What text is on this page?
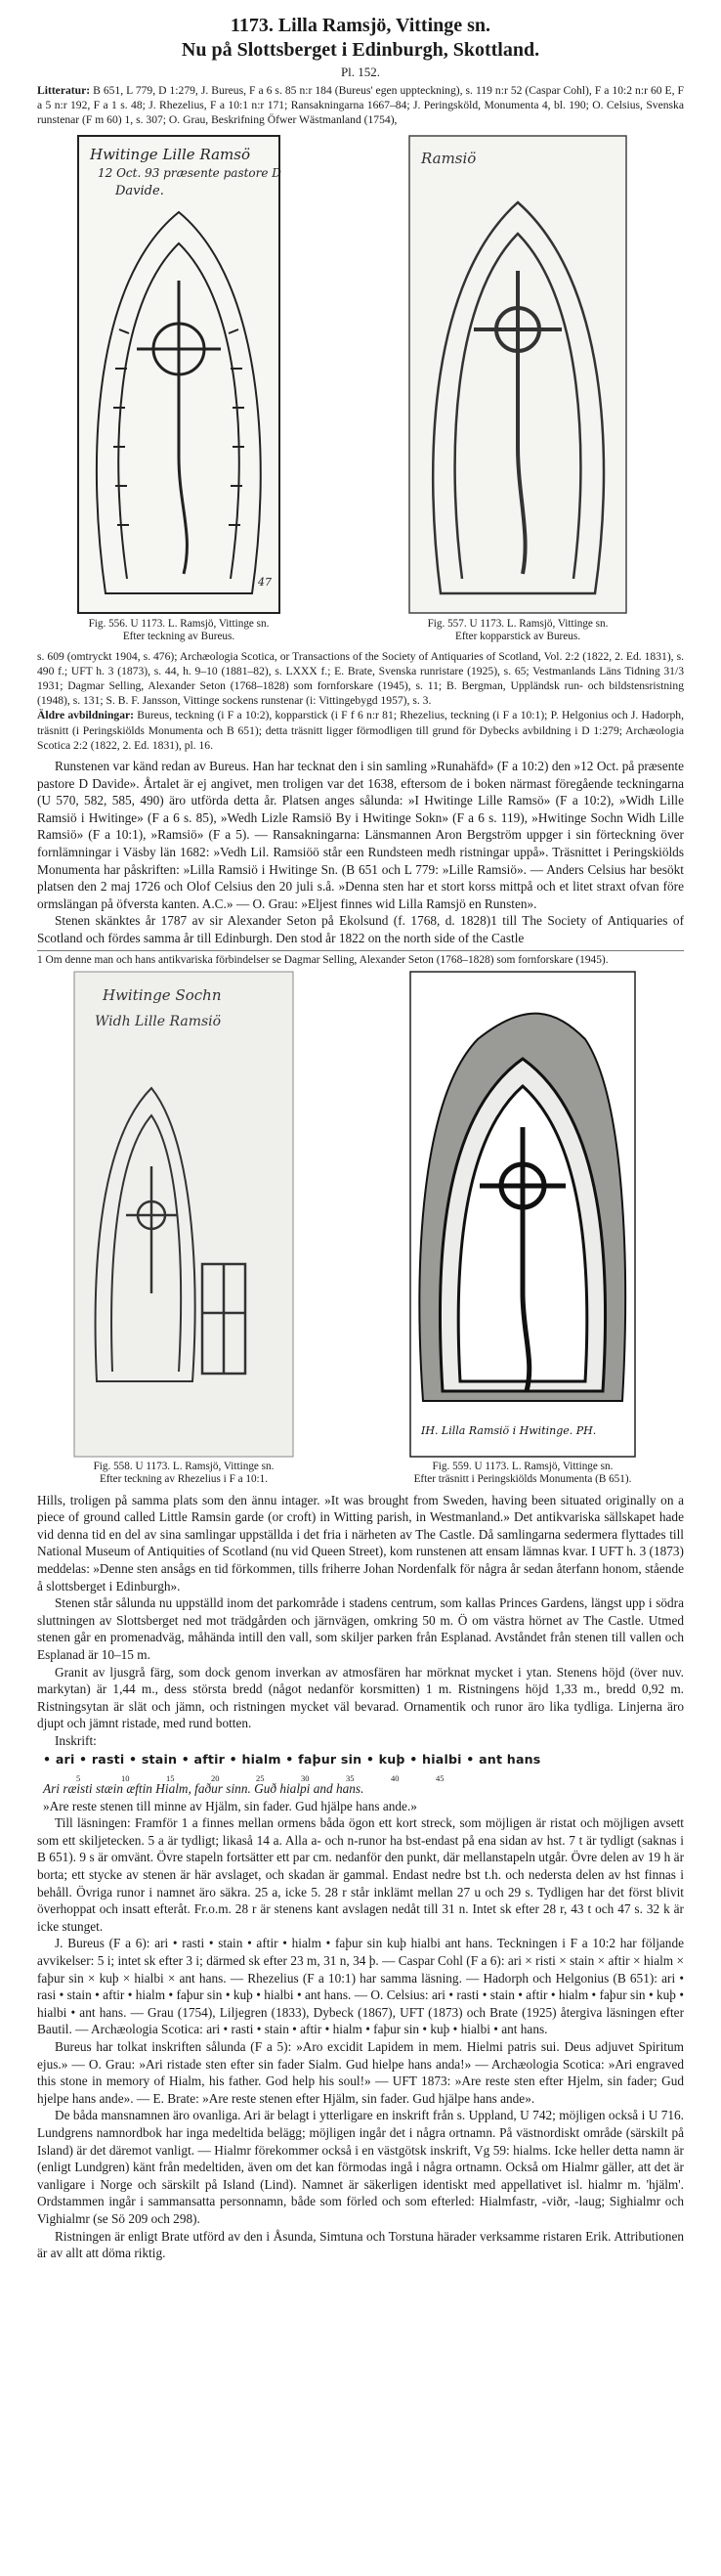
1173. Lilla Ramsjö, Vittinge sn.
Nu på Slottsberget i Edinburgh, Skottland.
Pl. 152.

Litteratur: B 651, L 779, D 1:279, J. Bureus, F a 6 s. 85 n:r 184 (Bureus' egen uppteckning), s. 119 n:r 52 (Caspar Cohl), F a 10:2 n:r 60 E, F a 5 n:r 192, F a 1 s. 48; J. Rhezelius, F a 10:1 n:r 171; Ransakningarna 1667–84; J. Peringsköld, Monumenta 4, bl. 190; O. Celsius, Svenska runstenar (F m 60) 1, s. 307; O. Grau, Beskrifning Öfwer Wästmanland (1754),

Hwitinge Lille Ramsö
12 Oct. 93 præsente pastore D
Davide.
47
Fig. 556. U 1173. L. Ramsjö, Vittinge sn.
Efter teckning av Bureus.
Ramsiö
Fig. 557. U 1173. L. Ramsjö, Vittinge sn.
Efter kopparstick av Bureus.

s. 609 (omtryckt 1904, s. 476); Archæologia Scotica, or Transactions of the Society of Antiquaries of Scotland, Vol. 2:2 (1822, 2. Ed. 1831), s. 490 f.; UFT h. 3 (1873), s. 44, h. 9–10 (1881–82), s. LXXX f.; E. Brate, Svenska runristare (1925), s. 65; Vestmanlands Läns Tidning 31/3 1931; Dagmar Selling, Alexander Seton (1768–1828) som fornforskare (1945), s. 11; B. Bergman, Uppländsk run- och bildstensristning (1948), s. 131; S. B. F. Jansson, Vittinge sockens runstenar (i: Vittingebygd 1957), s. 3.

Äldre avbildningar: Bureus, teckning (i F a 10:2), kopparstick (i F f 6 n:r 81; Rhezelius, teckning (i F a 10:1); P. Helgonius och J. Hadorph, träsnitt (i Peringskiölds Monumenta och B 651); detta träsnitt ligger förmodligen till grund för Dybecks avbildning i D 1:279; Archæologia Scotica 2:2 (1822, 2. Ed. 1831), pl. 16.

Runstenen var känd redan av Bureus. Han har tecknat den i sin samling »Runahäfd» (F a 10:2) den »12 Oct. på præsente pastore D Davide». Årtalet är ej angivet, men troligen var det 1638, eftersom de i boken närmast föregående teckningarna (U 570, 582, 585, 490) äro utförda detta år. Platsen anges sålunda: »I Hwitinge Lille Ramsö» (F a 10:2), »Widh Lille Ramsiö i Hwitinge» (F a 6 s. 85), »Wedh Lizle Ramsiö By i Hwitinge Sokn» (F a 6 s. 119), »Hwitinge Sochn Widh Lille Ramsiö» (F a 10:1), »Ramsiö» (F a 5). — Ransakningarna: Länsmannen Aron Bergström uppger i sin förteckning över fornlämningar i Väsby län 1682: »Vedh Lil. Ramsiöö står een Rundsteen medh ristningar uppå». Träsnittet i Peringskiölds Monumenta har påskriften: »Lilla Ramsiö i Hwitinge Sn. (B 651 och L 779: »Lille Ramsiö». — Anders Celsius har besökt platsen den 2 maj 1726 och Olof Celsius den 20 juli s.å. »Denna sten har et stort korss mittpå och et litet straxt ofvan före ormslängan på öfversta kanten. A.C.» — O. Grau: »Eljest finnes wid Lilla Ramsjö en Runsten».

Stenen skänktes år 1787 av sir Alexander Seton på Ekolsund (f. 1768, d. 1828)1 till The Society of Antiquaries of Scotland och fördes samma år till Edinburgh. Den stod år 1822 on the north side of the Castle

1 Om denne man och hans antikvariska förbindelser se Dagmar Selling, Alexander Seton (1768–1828) som fornforskare (1945).
Hwitinge Sochn
Widh Lille Ramsiö
Fig. 558. U 1173. L. Ramsjö, Vittinge sn.
Efter teckning av Rhezelius i F a 10:1.
IH. Lilla Ramsiö i Hwitinge. PH.
Fig. 559. U 1173. L. Ramsjö, Vittinge sn.
Efter träsnitt i Peringskiölds Monumenta (B 651).

Hills, troligen på samma plats som den ännu intager. »It was brought from Sweden, having been situated originally on a piece of ground called Little Ramsin garde (or croft) in Witting parish, in Westmanland.» Det antikvariska sällskapet hade vid denna tid en del av sina samlingar uppställda i det fria i närheten av The Castle. Då samlingarna sedermera flyttades till National Museum of Antiquities of Scotland (nu vid Queen Street), kom runstenen att ensam lämnas kvar. I UFT h. 3 (1873) meddelas: »Denne sten ansågs en tid förkommen, tills friherre Johan Nordenfalk för några år sedan återfann honom, stående å slottsberget i Edinburgh».

Stenen står sålunda nu uppställd inom det parkområde i stadens centrum, som kallas Princes Gardens, längst upp i södra sluttningen av Slottsberget ned mot trädgården och järnvägen, omkring 50 m. Ö om västra hörnet av The Castle. Utmed stenen går en promenadväg, måhända intill den vall, som skiljer parken från Esplanad. Avståndet från stenen till vallen och Esplanad är 10–15 m.

Granit av ljusgrå färg, som dock genom inverkan av atmosfären har mörknat mycket i ytan. Stenens höjd (över nuv. markytan) är 1,44 m., dess största bredd (något nedanför korsmitten) 1 m. Ristningens höjd 1,33 m., bredd 0,92 m. Ristningsytan är slät och jämn, och ristningen mycket väl bevarad. Ornamentik och runor äro lika tydliga. Linjerna äro djupt och jämnt ristade, med rund botten.

Inskrift:
• ari • rasti • stain • aftir • hialm • faþur sin • kuþ • hialbi • ant hans
5	10	15	20	25	30	35	40	45
Ari ræisti stæin æftin Hialm, faður sinn. Guð hialpi and hans.
»Are reste stenen till minne av Hjälm, sin fader. Gud hjälpe hans ande.»

Till läsningen: Framför 1 a finnes mellan ormens båda ögon ett kort streck, som möjligen är ristat och möjligen avsett som ett skiljetecken. 5 a är tydligt; likaså 14 a. Alla a- och n-runor ha bst-endast på ena sidan av hst. 7 t är tydligt (saknas i B 651). 9 s är omvänt. Övre stapeln fortsätter ett par cm. nedanför den punkt, där mellanstapeln utgår. Övre delen av 19 h är borta; ett stycke av stenen är här avslaget, och skadan är gammal. Endast nedre bst t.h. och nedersta delen av hst finnas i behåll. Övriga runor i namnet äro säkra. 25 a, icke 5. 28 r står inklämt mellan 27 u och 29 s. Tydligen har det först blivit överhoppat och insatt efteråt. Fr.o.m. 28 r är stenens kant avslagen nedåt till 31 n. Intet sk efter 28 r, 43 t och 47 s. 32 k är icke stunget.

J. Bureus (F a 6): ari • rasti • stain • aftir • hialm • faþur sin kuþ hialbi ant hans. Teckningen i F a 10:2 har följande avvikelser: 5 i; intet sk efter 3 i; därmed sk efter 23 m, 31 n, 34 þ. — Caspar Cohl (F a 6): ari × risti × stain × aftir × hialm × faþur sin × kuþ × hialbi × ant hans. — Rhezelius (F a 10:1) har samma läsning. — Hadorph och Helgonius (B 651): ari • rasi • stain • aftir • hialm • faþur sin • kuþ • hialbi • ant hans. — O. Celsius: ari • rasti • stain • aftir • hialm • faþur sin • kuþ • hialbi • ant hans. — Grau (1754), Liljegren (1833), Dybeck (1867), UFT (1873) och Brate (1925) återgiva läsningen efter Bautil. — Archæologia Scotica: ari • rasti • stain • aftir • hialm • faþur sin • kuþ • hialbi • ant hans.

Bureus har tolkat inskriften sålunda (F a 5): »Aro excidit Lapidem in mem. Hielmi patris sui. Deus adjuvet Spiritum ejus.» — O. Grau: »Ari ristade sten efter sin fader Sialm. Gud hielpe hans anda!» — Archæologia Scotica: »Ari engraved this stone in memory of Hialm, his father. God help his soul!» — UFT 1873: »Are reste sten efter Hjelm, sin fader; Gud hjelpe hans ande». — E. Brate: »Are reste stenen efter Hjälm, sin fader. Gud hjälpe hans ande».

De båda mansnamnen äro ovanliga. Ari är belagt i ytterligare en inskrift från s. Uppland, U 742; möjligen också i U 716. Lundgrens namnordbok har inga medeltida belägg; möjligen ingår det i några ortnamn. På västnordiskt område (särskilt på Island) är det däremot vanligt. — Hialmr förekommer också i en västgötsk inskrift, Vg 59: hialms. Icke heller detta namn är (enligt Lundgren) känt från medeltiden, även om det kan förmodas ingå i några ortnamn. Också om Hialmr gäller, att det är vanligare i Norge och särskilt på Island (Lind). Namnet är säkerligen identiskt med appellativet isl. hialmr m. 'hjälm'. Ordstammen ingår i sammansatta personnamn, både som förled och som efterled: Hialmfastr, -viðr, -laug; Sighialmr och Vighialmr (se Sö 209 och 298).

Ristningen är enligt Brate utförd av den i Åsunda, Simtuna och Torstuna härader verksamme ristaren Erik. Attributionen är av allt att döma riktig.
